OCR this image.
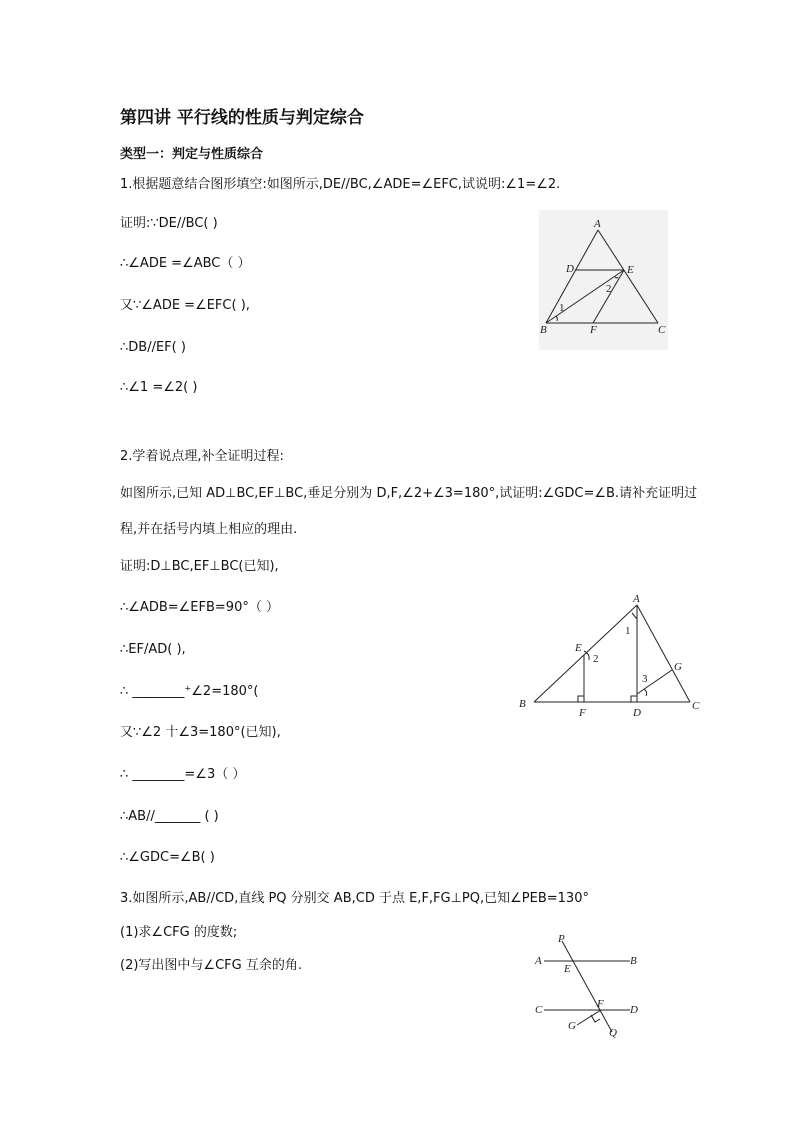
第四讲 平行线的性质与判定综合
类型一：判定与性质综合
1.根据题意结合图形填空:如图所示,DE//BC,∠ADE=∠EFC,试说明:∠1=∠2.
证明:∵DE//BC( )
∴∠ADE =∠ABC（ ）
又∵∠ADE =∠EFC( ),
∴DB//EF( )
∴∠1 =∠2( )
A
B	C
D	E
F
1
2
2.学着说点理,补全证明过程:
如图所示,已知 AD⊥BC,EF⊥BC,垂足分别为 D,F,∠2+∠3=180°,试证明:∠GDC=∠B.请补充证明过
程,并在括号内填上相应的理由.
证明:D⊥BC,EF⊥BC(已知),
∴∠ADB=∠EFB=90°（ ）
∴EF/AD( ),
∴ ________⁺∠2=180°(
又∵∠2 十∠3=180°(已知),
∴ ________=∠3（ ）
∴AB//_______ ( )
∴∠GDC=∠B( )
A
B	C
D
E
F
G
1
2
3
3.如图所示,AB//CD,直线 PQ 分别交 AB,CD 于点 E,F,FG⊥PQ,已知∠PEB=130°
(1)求∠CFG 的度数;
(2)写出图中与∠CFG 互余的角.
P
A
E
B
C	F D
G
Q
